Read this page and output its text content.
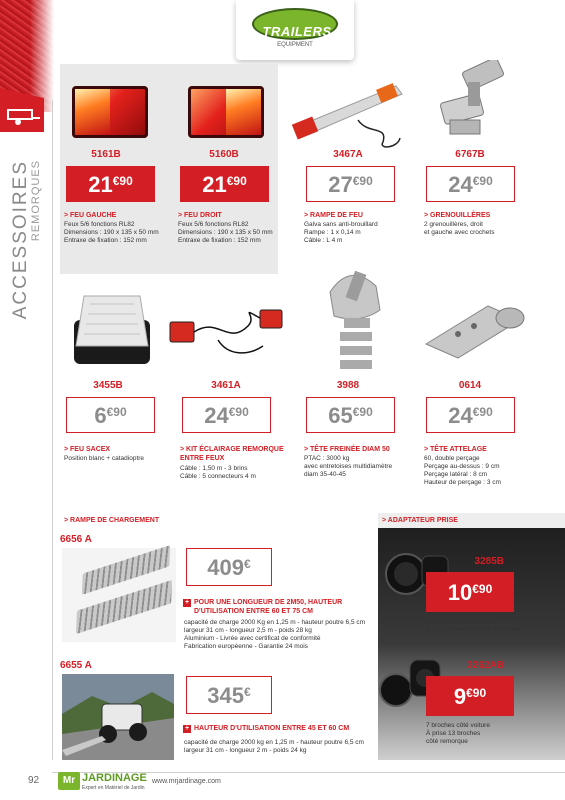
ACCESSOIRES REMORQUES
TRAILERS
EQUIPMENT
5161B
21 €90
> FEU GAUCHE
Feux 5/6 fonctions RL82
Dimensions : 190 x 135 x 50 mm
Entraxe de fixation : 152 mm
5160B
21 €90
> FEU DROIT
Feux 5/6 fonctions RL82
Dimensions : 190 x 135 x 50 mm
Entraxe de fixation : 152 mm
3467A
27 €90
> RAMPE DE FEU
Galva sans anti-brouillard
Rampe : 1 x 0,14 m
Câble : L 4 m
6767B
24 €90
> GRENOUILLÈRES
2 grenouillères, droit
et gauche avec crochets
3455B
6 €90
> FEU SACEX
Position blanc + catadioptre
3461A
24 €90
> KIT ÉCLAIRAGE REMORQUE
ENTRE FEUX
Câble : 1,50 m - 3 brins
Câble : 5 connecteurs 4 m
3988
65 €90
> TÊTE FREINÉE DIAM 50
PTAC : 3000 kg
avec entretoises multidiamètre
diam 35-40-45
0614
24 €90
> TÊTE ATTELAGE
60, double perçage
Perçage au-dessus : 9 cm
Perçage latéral : 8 cm
Hauteur de perçage : 3 cm
> RAMPE DE CHARGEMENT
6656 A
409 €
+ POUR UNE LONGUEUR DE 2M50, HAUTEUR
D'UTILISATION ENTRE 60 ET 75 CM
capacité de charge 2000 Kg en 1,25 m - hauteur poutre 6,5 cm
largeur 31 cm - longueur 2,5 m - poids 28 kg
Aluminium - Livrée avec certificat de conformité
Fabrication européenne - Garantie 24 mois
6655 A
345 €
+ HAUTEUR D'UTILISATION ENTRE 45 ET 60 CM
capacité de charge 2000 kg en 1,25 m - hauteur poutre 6,5 cm
largeur 31 cm - longueur 2 m - poids 24 kg
> ADAPTATEUR PRISE
3285B
10 €90
13 broches côté voiture
À prise 7 broches côté remorque
3262AB
9 €90
7 broches côté voiture
À prise 13 broches
côté remorque
92	Mr JARDINAGE
Expert en Matériel de Jardin
www.mrjardinage.com
